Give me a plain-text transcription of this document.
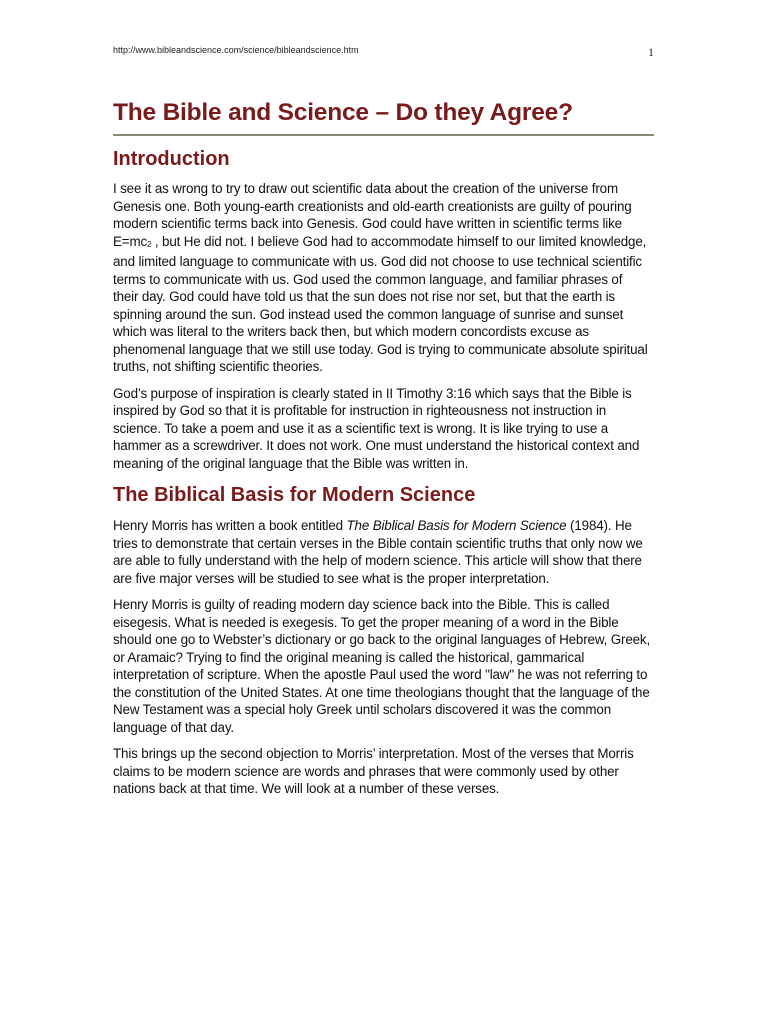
http://www.bibleandscience.com/science/bibleandscience.htm	1
The Bible and Science – Do they Agree?
Introduction

I see it as wrong to try to draw out scientific data about the creation of the universe from Genesis one. Both young-earth creationists and old-earth creationists are guilty of pouring modern scientific terms back into Genesis. God could have written in scientific terms like $E=mc_2$ , but He did not. I believe God had to accommodate himself to our limited knowledge, and limited language to communicate with us. God did not choose to use technical scientific terms to communicate with us. God used the common language, and familiar phrases of their day. God could have told us that the sun does not rise nor set, but that the earth is spinning around the sun. God instead used the common language of sunrise and sunset which was literal to the writers back then, but which modern concordists excuse as phenomenal language that we still use today. God is trying to communicate absolute spiritual truths, not shifting scientific theories.

God’s purpose of inspiration is clearly stated in II Timothy 3:16 which says that the Bible is inspired by God so that it is profitable for instruction in righteousness not instruction in science. To take a poem and use it as a scientific text is wrong. It is like trying to use a hammer as a screwdriver. It does not work. One must understand the historical context and meaning of the original language that the Bible was written in.

The Biblical Basis for Modern Science

Henry Morris has written a book entitled The Biblical Basis for Modern Science (1984). He tries to demonstrate that certain verses in the Bible contain scientific truths that only now we are able to fully understand with the help of modern science. This article will show that there are five major verses will be studied to see what is the proper interpretation.

Henry Morris is guilty of reading modern day science back into the Bible. This is called eisegesis. What is needed is exegesis. To get the proper meaning of a word in the Bible should one go to Webster’s dictionary or go back to the original languages of Hebrew, Greek, or Aramaic? Trying to find the original meaning is called the historical, gammarical interpretation of scripture. When the apostle Paul used the word "law" he was not referring to the constitution of the United States. At one time theologians thought that the language of the New Testament was a special holy Greek until scholars discovered it was the common language of that day.

This brings up the second objection to Morris’ interpretation. Most of the verses that Morris claims to be modern science are words and phrases that were commonly used by other nations back at that time. We will look at a number of these verses.
